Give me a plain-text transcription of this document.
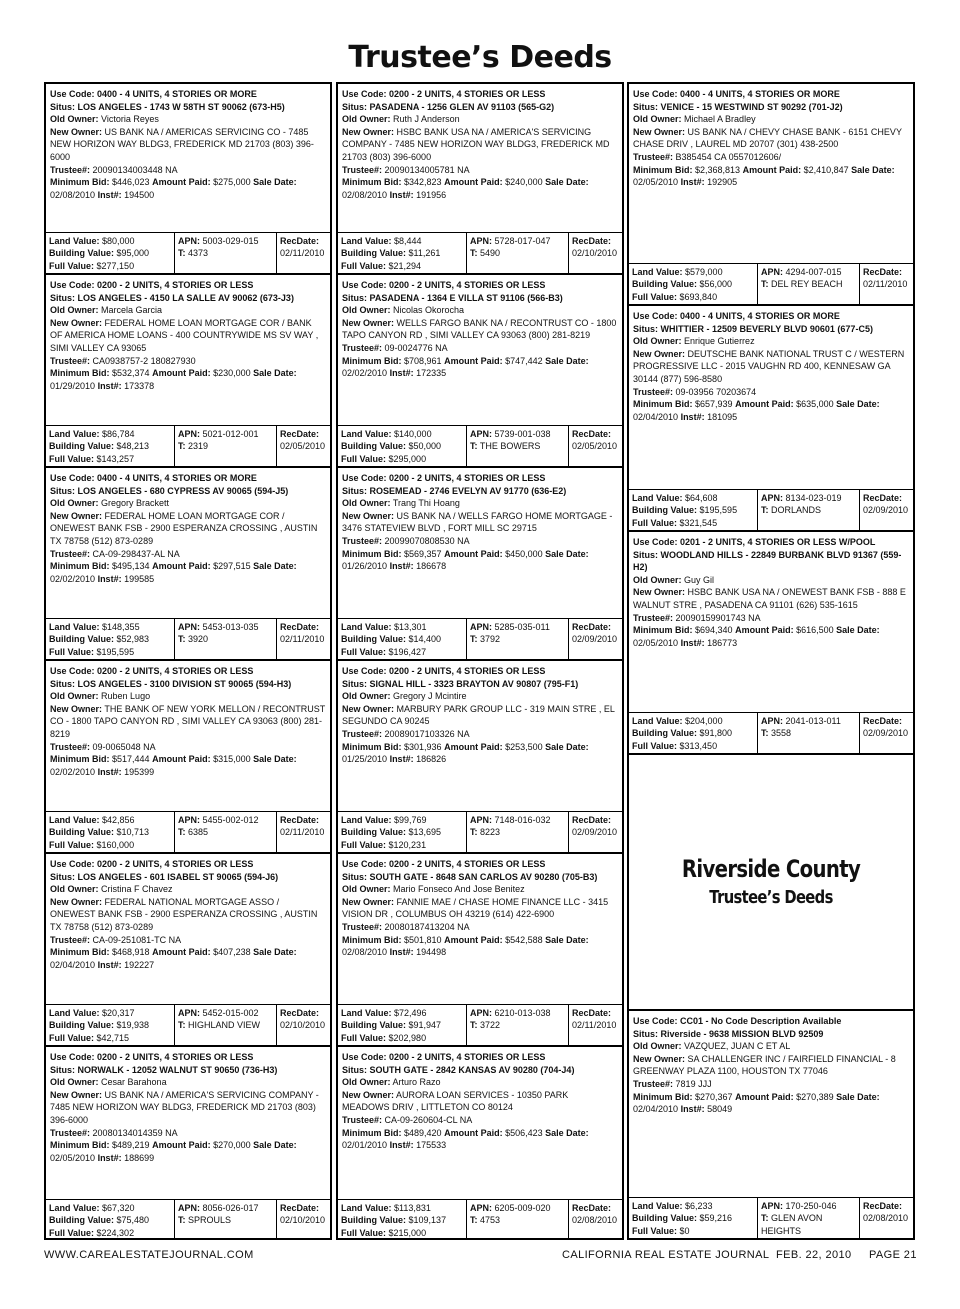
Trustee’s Deeds
Use Code: 0400 - 4 UNITS, 4 STORIES OR MORE
Situs: LOS ANGELES - 1743 W 58TH ST 90062 (673-H5)
Old Owner: Victoria Reyes
New Owner: US BANK NA / AMERICAS SERVICING CO - 7485 NEW HORIZON WAY BLDG3, FREDERICK MD 21703 (803) 396-6000
Trustee#: 20090134003448 NA
Minimum Bid: $446,023 Amount Paid: $275,000 Sale Date: 02/08/2010 Inst#: 194500
Land Value: $80,000
Building Value: $95,000
Full Value: $277,150
APN: 5003-029-015
T: 4373
RecDate:
02/11/2010
Use Code: 0200 - 2 UNITS, 4 STORIES OR LESS
Situs: LOS ANGELES - 4150 LA SALLE AV 90062 (673-J3)
Old Owner: Marcela Garcia
New Owner: FEDERAL HOME LOAN MORTGAGE COR / BANK OF AMERICA HOME LOANS - 400 COUNTRYWIDE MS SV WAY , SIMI VALLEY CA 93065
Trustee#: CA0938757-2 180827930
Minimum Bid: $532,374 Amount Paid: $230,000 Sale Date: 01/29/2010 Inst#: 173378
Land Value: $86,784
Building Value: $48,213
Full Value: $143,257
APN: 5021-012-001
T: 2319
RecDate:
02/05/2010
Use Code: 0400 - 4 UNITS, 4 STORIES OR MORE
Situs: LOS ANGELES - 680 CYPRESS AV 90065 (594-J5)
Old Owner: Gregory Brackett
New Owner: FEDERAL HOME LOAN MORTGAGE COR / ONEWEST BANK FSB - 2900 ESPERANZA CROSSING , AUSTIN TX 78758 (512) 873-0289
Trustee#: CA-09-298437-AL NA
Minimum Bid: $495,134 Amount Paid: $297,515 Sale Date: 02/02/2010 Inst#: 199585
Land Value: $148,355
Building Value: $52,983
Full Value: $195,595
APN: 5453-013-035
T: 3920
RecDate:
02/11/2010
Use Code: 0200 - 2 UNITS, 4 STORIES OR LESS
Situs: LOS ANGELES - 3100 DIVISION ST 90065 (594-H3)
Old Owner: Ruben Lugo
New Owner: THE BANK OF NEW YORK MELLON / RECONTRUST CO - 1800 TAPO CANYON RD , SIMI VALLEY CA 93063 (800) 281-8219
Trustee#: 09-0065048 NA
Minimum Bid: $517,444 Amount Paid: $315,000 Sale Date: 02/02/2010 Inst#: 195399
Land Value: $42,856
Building Value: $10,713
Full Value: $160,000
APN: 5455-002-012
T: 6385
RecDate:
02/11/2010
Use Code: 0200 - 2 UNITS, 4 STORIES OR LESS
Situs: LOS ANGELES - 601 ISABEL ST 90065 (594-J6)
Old Owner: Cristina F Chavez
New Owner: FEDERAL NATIONAL MORTGAGE ASSO / ONEWEST BANK FSB - 2900 ESPERANZA CROSSING , AUSTIN TX 78758 (512) 873-0289
Trustee#: CA-09-251081-TC NA
Minimum Bid: $468,918 Amount Paid: $407,238 Sale Date: 02/04/2010 Inst#: 192227
Land Value: $20,317
Building Value: $19,938
Full Value: $42,715
APN: 5452-015-002
T: HIGHLAND VIEW
RecDate:
02/10/2010
Use Code: 0200 - 2 UNITS, 4 STORIES OR LESS
Situs: NORWALK - 12052 WALNUT ST 90650 (736-H3)
Old Owner: Cesar Barahona
New Owner: US BANK NA / AMERICA'S SERVICING COMPANY - 7485 NEW HORIZON WAY BLDG3, FREDERICK MD 21703 (803) 396-6000
Trustee#: 20080134014359 NA
Minimum Bid: $489,219 Amount Paid: $270,000 Sale Date: 02/05/2010 Inst#: 188699
Land Value: $67,320
Building Value: $75,480
Full Value: $224,302
APN: 8056-026-017
T: SPROULS
RecDate:
02/10/2010
Use Code: 0200 - 2 UNITS, 4 STORIES OR LESS
Situs: PASADENA - 1256 GLEN AV 91103 (565-G2)
Old Owner: Ruth J Anderson
New Owner: HSBC BANK USA NA / AMERICA'S SERVICING COMPANY - 7485 NEW HORIZON WAY BLDG3, FREDERICK MD 21703 (803) 396-6000
Trustee#: 20090134005781 NA
Minimum Bid: $342,823 Amount Paid: $240,000 Sale Date: 02/08/2010 Inst#: 191956
Land Value: $8,444
Building Value: $11,261
Full Value: $21,294
APN: 5728-017-047
T: 5490
RecDate:
02/10/2010
Use Code: 0200 - 2 UNITS, 4 STORIES OR LESS
Situs: PASADENA - 1364 E VILLA ST 91106 (566-B3)
Old Owner: Nicolas Okorocha
New Owner: WELLS FARGO BANK NA / RECONTRUST CO - 1800 TAPO CANYON RD , SIMI VALLEY CA 93063 (800) 281-8219
Trustee#: 09-0024776 NA
Minimum Bid: $708,961 Amount Paid: $747,442 Sale Date: 02/02/2010 Inst#: 172335
Land Value: $140,000
Building Value: $50,000
Full Value: $295,000
APN: 5739-001-038
T: THE BOWERS
RecDate:
02/05/2010
Use Code: 0200 - 2 UNITS, 4 STORIES OR LESS
Situs: ROSEMEAD - 2746 EVELYN AV 91770 (636-E2)
Old Owner: Trang Thi Hoang
New Owner: US BANK NA / WELLS FARGO HOME MORTGAGE - 3476 STATEVIEW BLVD , FORT MILL SC 29715
Trustee#: 20099070808530 NA
Minimum Bid: $569,357 Amount Paid: $450,000 Sale Date: 01/26/2010 Inst#: 186678
Land Value: $13,301
Building Value: $14,400
Full Value: $196,427
APN: 5285-035-011
T: 3792
RecDate:
02/09/2010
Use Code: 0200 - 2 UNITS, 4 STORIES OR LESS
Situs: SIGNAL HILL - 3323 BRAYTON AV 90807 (795-F1)
Old Owner: Gregory J Mcintire
New Owner: MARBURY PARK GROUP LLC - 319 MAIN STRE , EL SEGUNDO CA 90245
Trustee#: 20089017103326 NA
Minimum Bid: $301,936 Amount Paid: $253,500 Sale Date: 01/25/2010 Inst#: 186826
Land Value: $99,769
Building Value: $13,695
Full Value: $120,231
APN: 7148-016-032
T: 8223
RecDate:
02/09/2010
Use Code: 0200 - 2 UNITS, 4 STORIES OR LESS
Situs: SOUTH GATE - 8648 SAN CARLOS AV 90280 (705-B3)
Old Owner: Mario Fonseco And Jose Benitez
New Owner: FANNIE MAE / CHASE HOME FINANCE LLC - 3415 VISION DR , COLUMBUS OH 43219 (614) 422-6900
Trustee#: 20080187413204 NA
Minimum Bid: $501,810 Amount Paid: $542,588 Sale Date: 02/08/2010 Inst#: 194498
Land Value: $72,496
Building Value: $91,947
Full Value: $202,980
APN: 6210-013-038
T: 3722
RecDate:
02/11/2010
Use Code: 0200 - 2 UNITS, 4 STORIES OR LESS
Situs: SOUTH GATE - 2842 KANSAS AV 90280 (704-J4)
Old Owner: Arturo Razo
New Owner: AURORA LOAN SERVICES - 10350 PARK MEADOWS DRIV , LITTLETON CO 80124
Trustee#: CA-09-260604-CL NA
Minimum Bid: $489,420 Amount Paid: $506,423 Sale Date: 02/01/2010 Inst#: 175533
Land Value: $113,831
Building Value: $109,137
Full Value: $215,000
APN: 6205-009-020
T: 4753
RecDate:
02/08/2010
Use Code: 0400 - 4 UNITS, 4 STORIES OR MORE
Situs: VENICE - 15 WESTWIND ST 90292 (701-J2)
Old Owner: Michael A Bradley
New Owner: US BANK NA / CHEVY CHASE BANK - 6151 CHEVY CHASE DRIV , LAUREL MD 20707 (301) 438-2500
Trustee#: B385454 CA 0557012606/
Minimum Bid: $2,368,813 Amount Paid: $2,410,847 Sale Date: 02/05/2010 Inst#: 192905
Land Value: $579,000
Building Value: $56,000
Full Value: $693,840
APN: 4294-007-015
T: DEL REY BEACH
RecDate:
02/11/2010
Use Code: 0400 - 4 UNITS, 4 STORIES OR MORE
Situs: WHITTIER - 12509 BEVERLY BLVD 90601 (677-C5)
Old Owner: Enrique Gutierrez
New Owner: DEUTSCHE BANK NATIONAL TRUST C / WESTERN PROGRESSIVE LLC - 2015 VAUGHN RD 400, KENNESAW GA 30144 (877) 596-8580
Trustee#: 09-03956 70203674
Minimum Bid: $657,939 Amount Paid: $635,000 Sale Date: 02/04/2010 Inst#: 181095
Land Value: $64,608
Building Value: $195,595
Full Value: $321,545
APN: 8134-023-019
T: DORLANDS
RecDate:
02/09/2010
Use Code: 0201 - 2 UNITS, 4 STORIES OR LESS W/POOL
Situs: WOODLAND HILLS - 22849 BURBANK BLVD 91367 (559-H2)
Old Owner: Guy Gil
New Owner: HSBC BANK USA NA / ONEWEST BANK FSB - 888 E WALNUT STRE , PASADENA CA 91101 (626) 535-1615
Trustee#: 20090159901743 NA
Minimum Bid: $694,340 Amount Paid: $616,500 Sale Date: 02/05/2010 Inst#: 186773
Land Value: $204,000
Building Value: $91,800
Full Value: $313,450
APN: 2041-013-011
T: 3558
RecDate:
02/09/2010
Use Code: CC01 - No Code Description Available
Situs: Riverside - 9638 MISSION BLVD 92509
Old Owner: VAZQUEZ, JUAN C ET AL
New Owner: SA CHALLENGER INC / FAIRFIELD FINANCIAL - 8 GREENWAY PLAZA 1100, HOUSTON TX 77046
Trustee#: 7819 JJJ
Minimum Bid: $270,367 Amount Paid: $270,389 Sale Date: 02/04/2010 Inst#: 58049
Land Value: $6,233
Building Value: $59,216
Full Value: $0
APN: 170-250-046
T: GLEN AVON HEIGHTS
RecDate:
02/08/2010
Riverside County
Trustee’s Deeds
WWW.CAREALESTATEJOURNAL.COM	CALIFORNIA REAL ESTATE JOURNAL FEB. 22, 2010 PAGE 21
